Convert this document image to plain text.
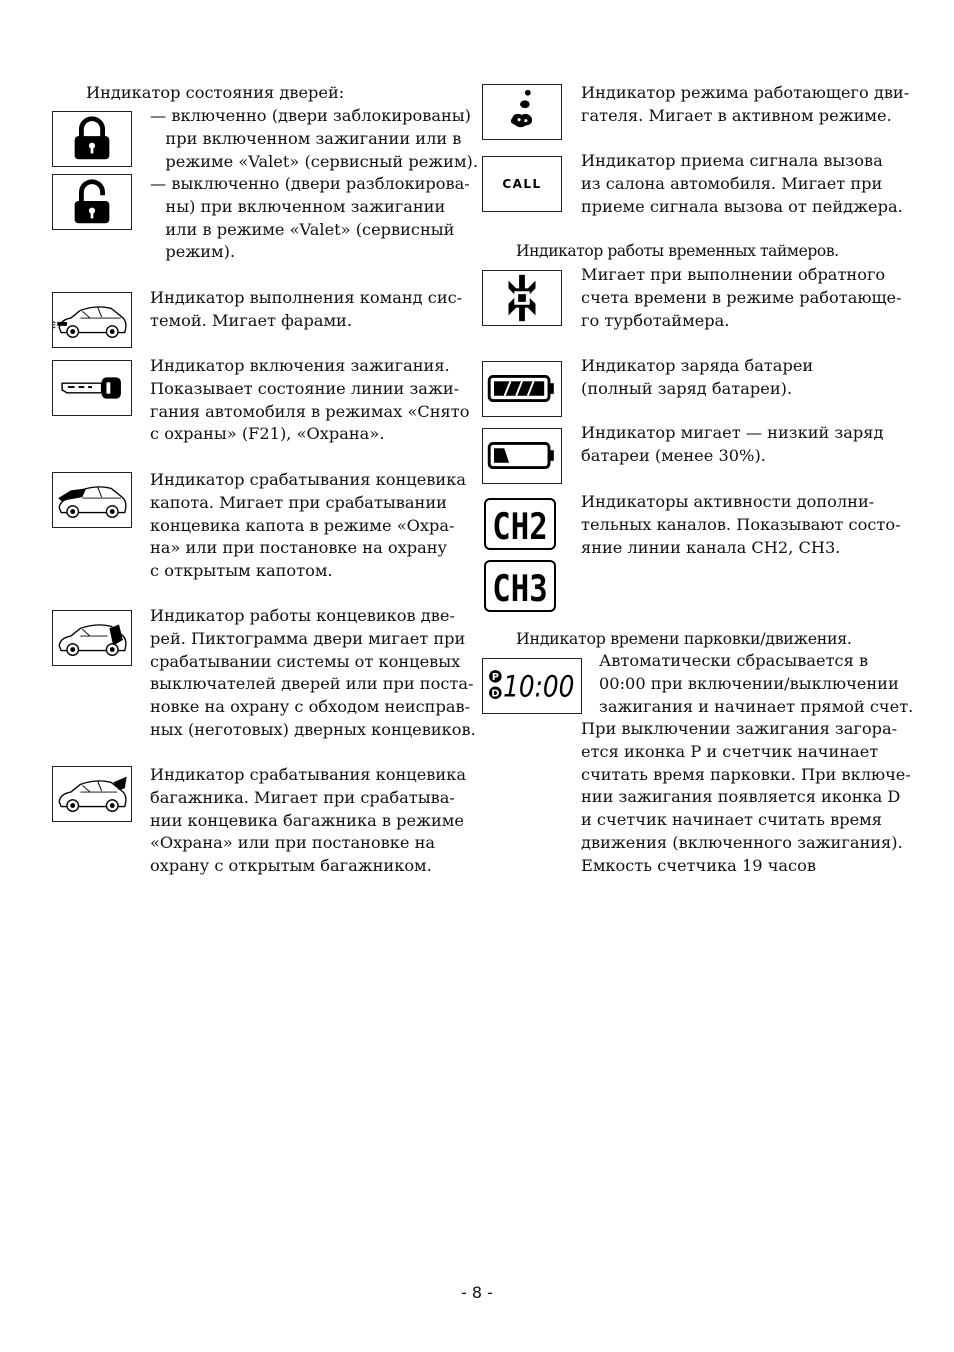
Индикатор состояния дверей:
— включенно (двери заблокированы)
при включенном зажигании или в
режиме «Valet» (сервисный режим).
— выключенно (двери разблокирова-
ны) при включенном зажигании
или в режиме «Valet» (сервисный
режим).
Индикатор выполнения команд сис-
темой. Мигает фарами.
Индикатор включения зажигания.
Показывает состояние линии зажи-
гания автомобиля в режимах «Снято
с охраны» (F21), «Охрана».
Индикатор срабатывания концевика
капота. Мигает при срабатывании
концевика капота в режиме «Охра-
на» или при постановке на охрану
с открытым капотом.
Индикатор работы концевиков две-
рей. Пиктограмма двери мигает при
срабатывании системы от концевых
выключателей дверей или при поста-
новке на охрану с обходом неисправ-
ных (неготовых) дверных концевиков.
Индикатор срабатывания концевика
багажника. Мигает при срабатыва-
нии концевика багажника в режиме
«Охрана» или при постановке на
охрану с открытым багажником.
Индикатор режима работающего дви-
гателя. Мигает в активном режиме.
CALL
Индикатор приема сигнала вызова
из салона автомобиля. Мигает при
приеме сигнала вызова от пейджера.
Индикатор работы временных таймеров.
Мигает при выполнении обратного
счета времени в режиме работающе-
го турботаймера.
Индикатор заряда батареи
(полный заряд батареи).
Индикатор мигает — низкий заряд
батареи (менее 30%).
CH2
CH3
Индикаторы активности дополни-
тельных каналов. Показывают состо-
яние линии канала CH2, CH3.
Индикатор времени парковки/движения.
P
D 10:00
Автоматически сбрасывается в
00:00 при включении/выключении
зажигания и начинает прямой счет.
При выключении зажигания загора-
ется иконка P и счетчик начинает
считать время парковки. При включе-
нии зажигания появляется иконка D
и счетчик начинает считать время
движения (включенного зажигания).
Емкость счетчика 19 часов
- 8 -
